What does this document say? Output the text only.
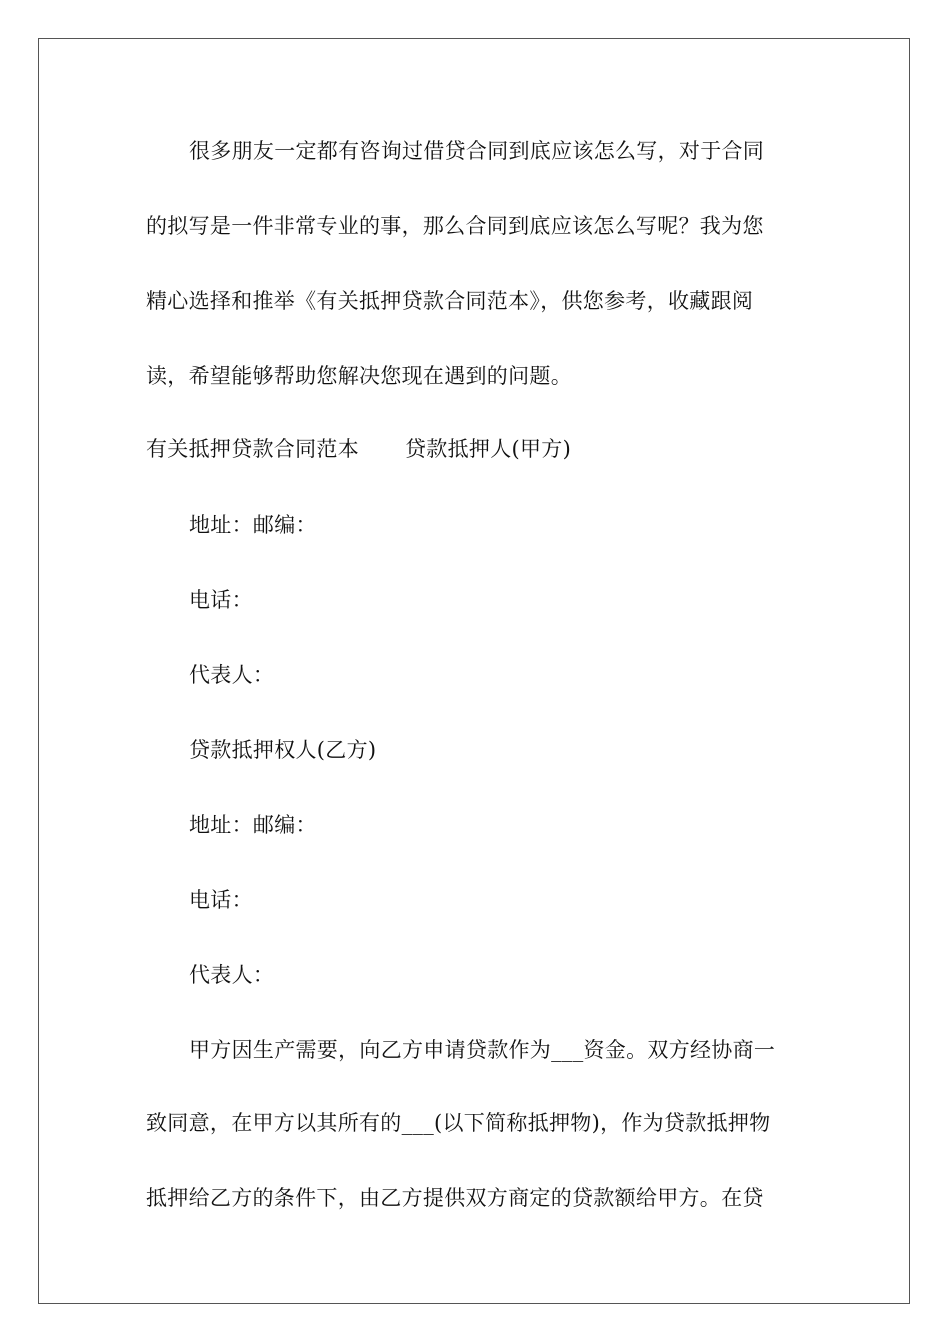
很多朋友一定都有咨询过借贷合同到底应该怎么写，对于合同
的拟写是一件非常专业的事，那么合同到底应该怎么写呢？我为您
精心选择和推举《有关抵押贷款合同范本》，供您参考，收藏跟阅
读，希望能够帮助您解决您现在遇到的问题。
有关抵押贷款合同范本 贷款抵押人(甲方)
地址：邮编：
电话：
代表人：
贷款抵押权人(乙方)
地址：邮编：
电话：
代表人：
甲方因生产需要，向乙方申请贷款作为___资金。双方经协商一
致同意，在甲方以其所有的___(以下简称抵押物)，作为贷款抵押物
抵押给乙方的条件下，由乙方提供双方商定的贷款额给甲方。在贷
